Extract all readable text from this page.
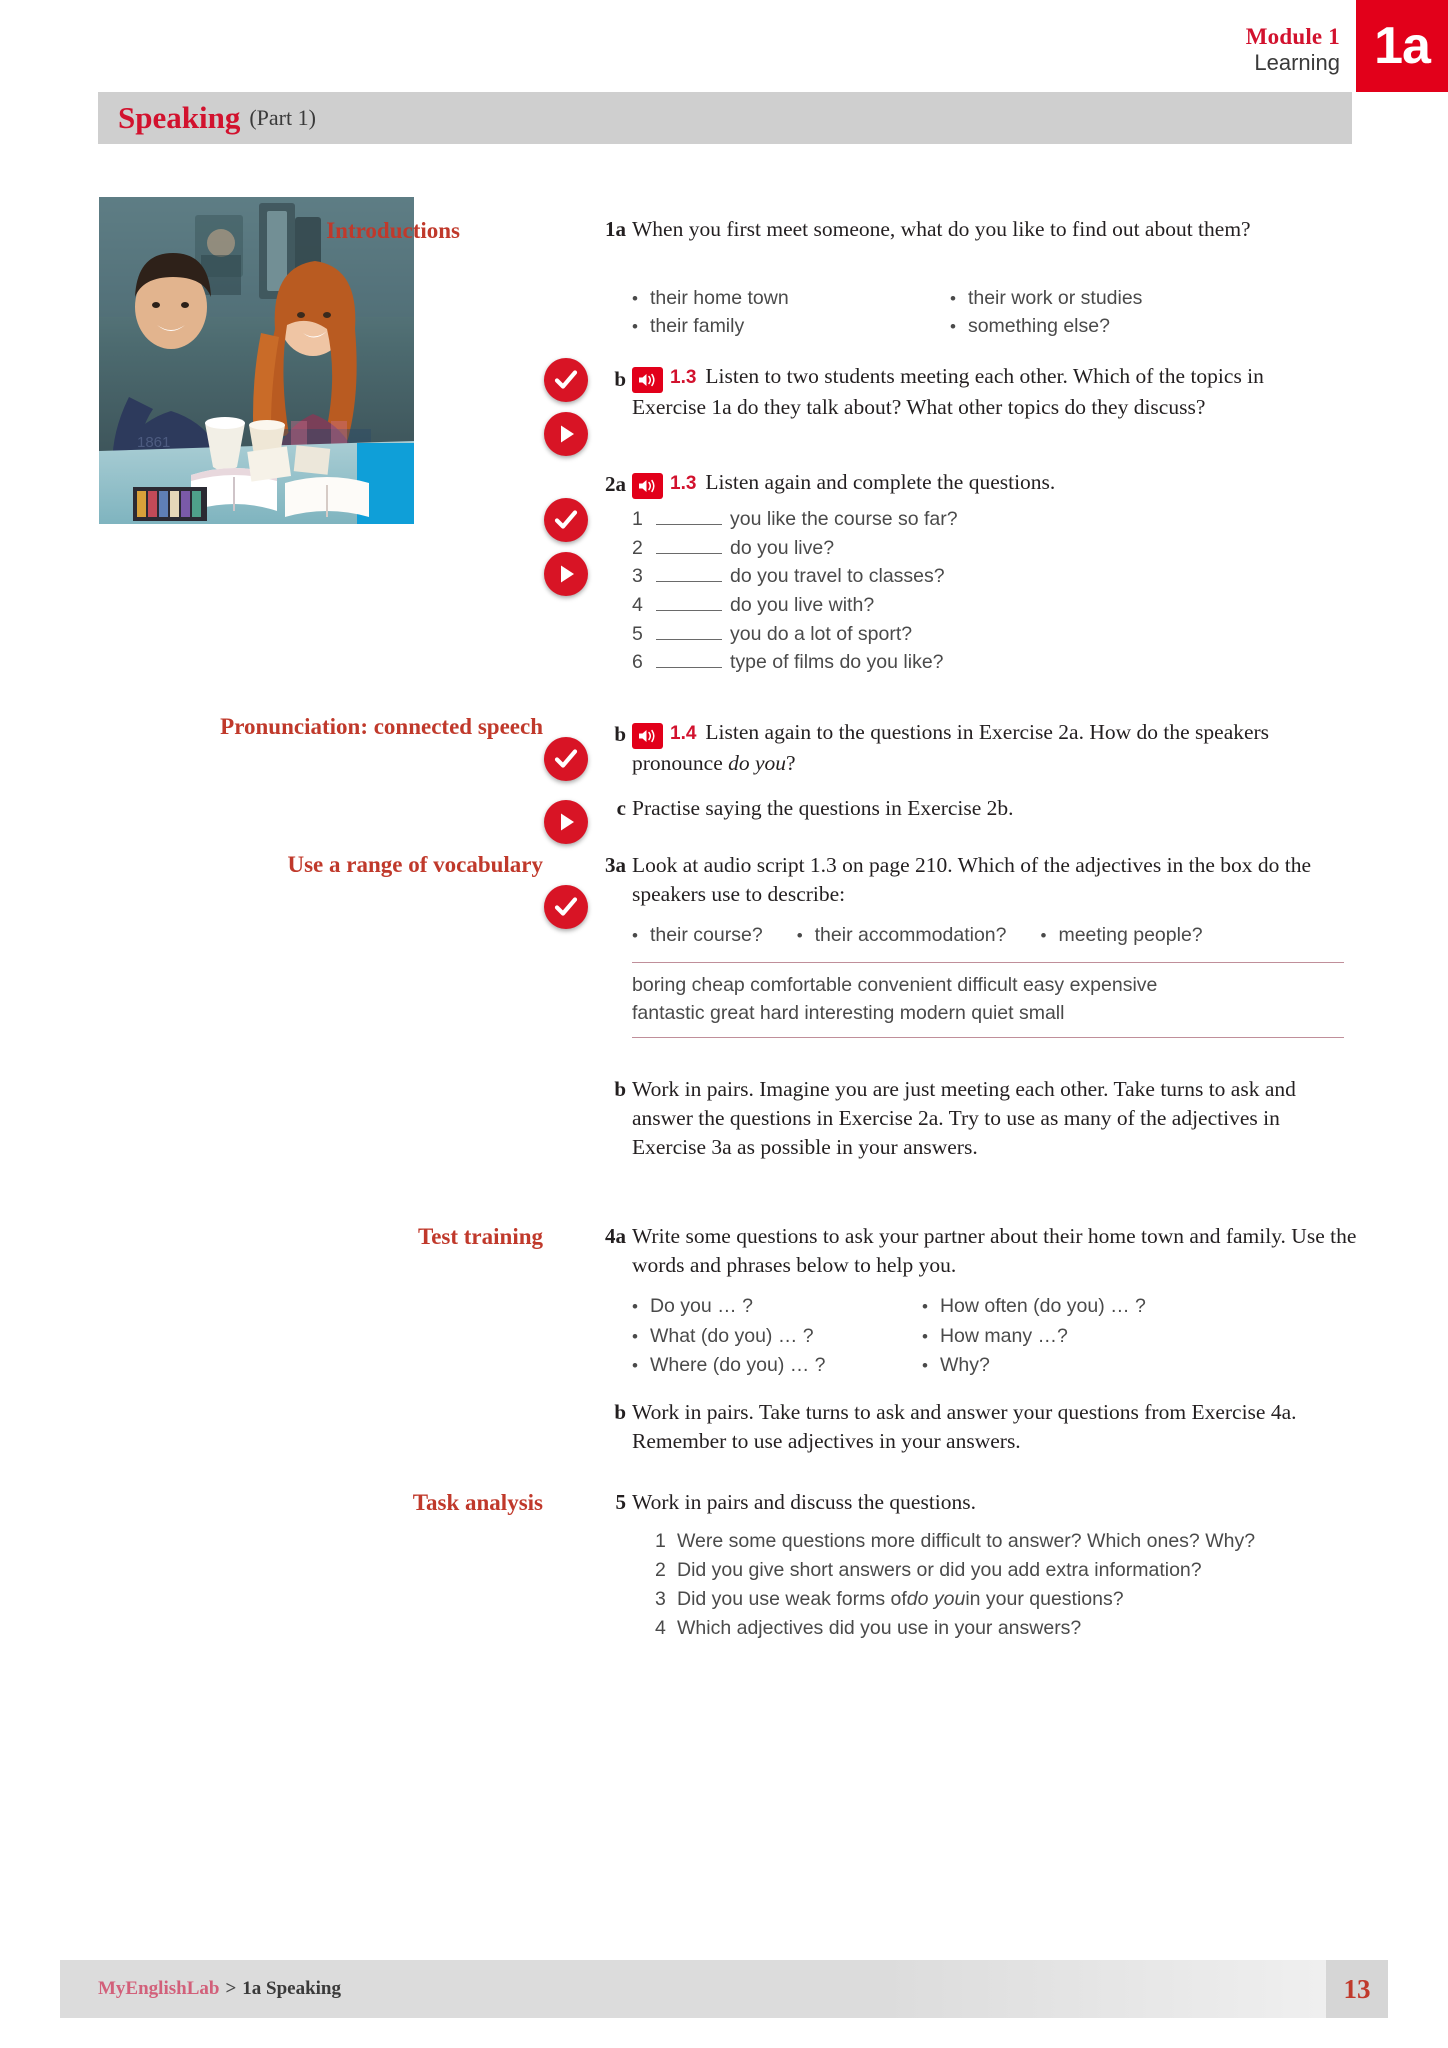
Module 1
Learning 1a
Speaking (Part 1)
1861
Introductions	1a When you first meet someone, what do you like to find out about them?
• their home town
• their family
• their work or studies
• something else?
b	1.3 Listen to two students meeting each other. Which of the topics in Exercise 1a do they talk about? What other topics do they discuss?
2a	1.3 Listen again and complete the questions.
1	you like the course so far?
2	do you live?
3	do you travel to classes?
4	do you live with?
5	you do a lot of sport?
6	type of films do you like?
Pronunciation: connected speech	b	1.4 Listen again to the questions in Exercise 2a. How do the speakers pronounce do you?
c Practise saying the questions in Exercise 2b.
Use a range of vocabulary	3a Look at audio script 1.3 on page 210. Which of the adjectives in the box do the speakers use to describe:
• their course? • their accommodation? • meeting people?
boring cheap comfortable convenient difficult easy expensive
fantastic great hard interesting modern quiet small
b Work in pairs. Imagine you are just meeting each other. Take turns to ask and answer the questions in Exercise 2a. Try to use as many of the adjectives in Exercise 3a as possible in your answers.
Test training	4a Write some questions to ask your partner about their home town and family. Use the words and phrases below to help you.
• Do you … ?
• What (do you) … ?
• Where (do you) … ?
• How often (do you) … ?
• How many …?
• Why?
b Work in pairs. Take turns to ask and answer your questions from Exercise 4a. Remember to use adjectives in your answers.
Task analysis	5 Work in pairs and discuss the questions.
1 Were some questions more difficult to answer? Which ones? Why?
2 Did you give short answers or did you add extra information?
3 Did you use weak forms of do you in your questions?
4 Which adjectives did you use in your answers?
MyEnglishLab > 1a Speaking	13
